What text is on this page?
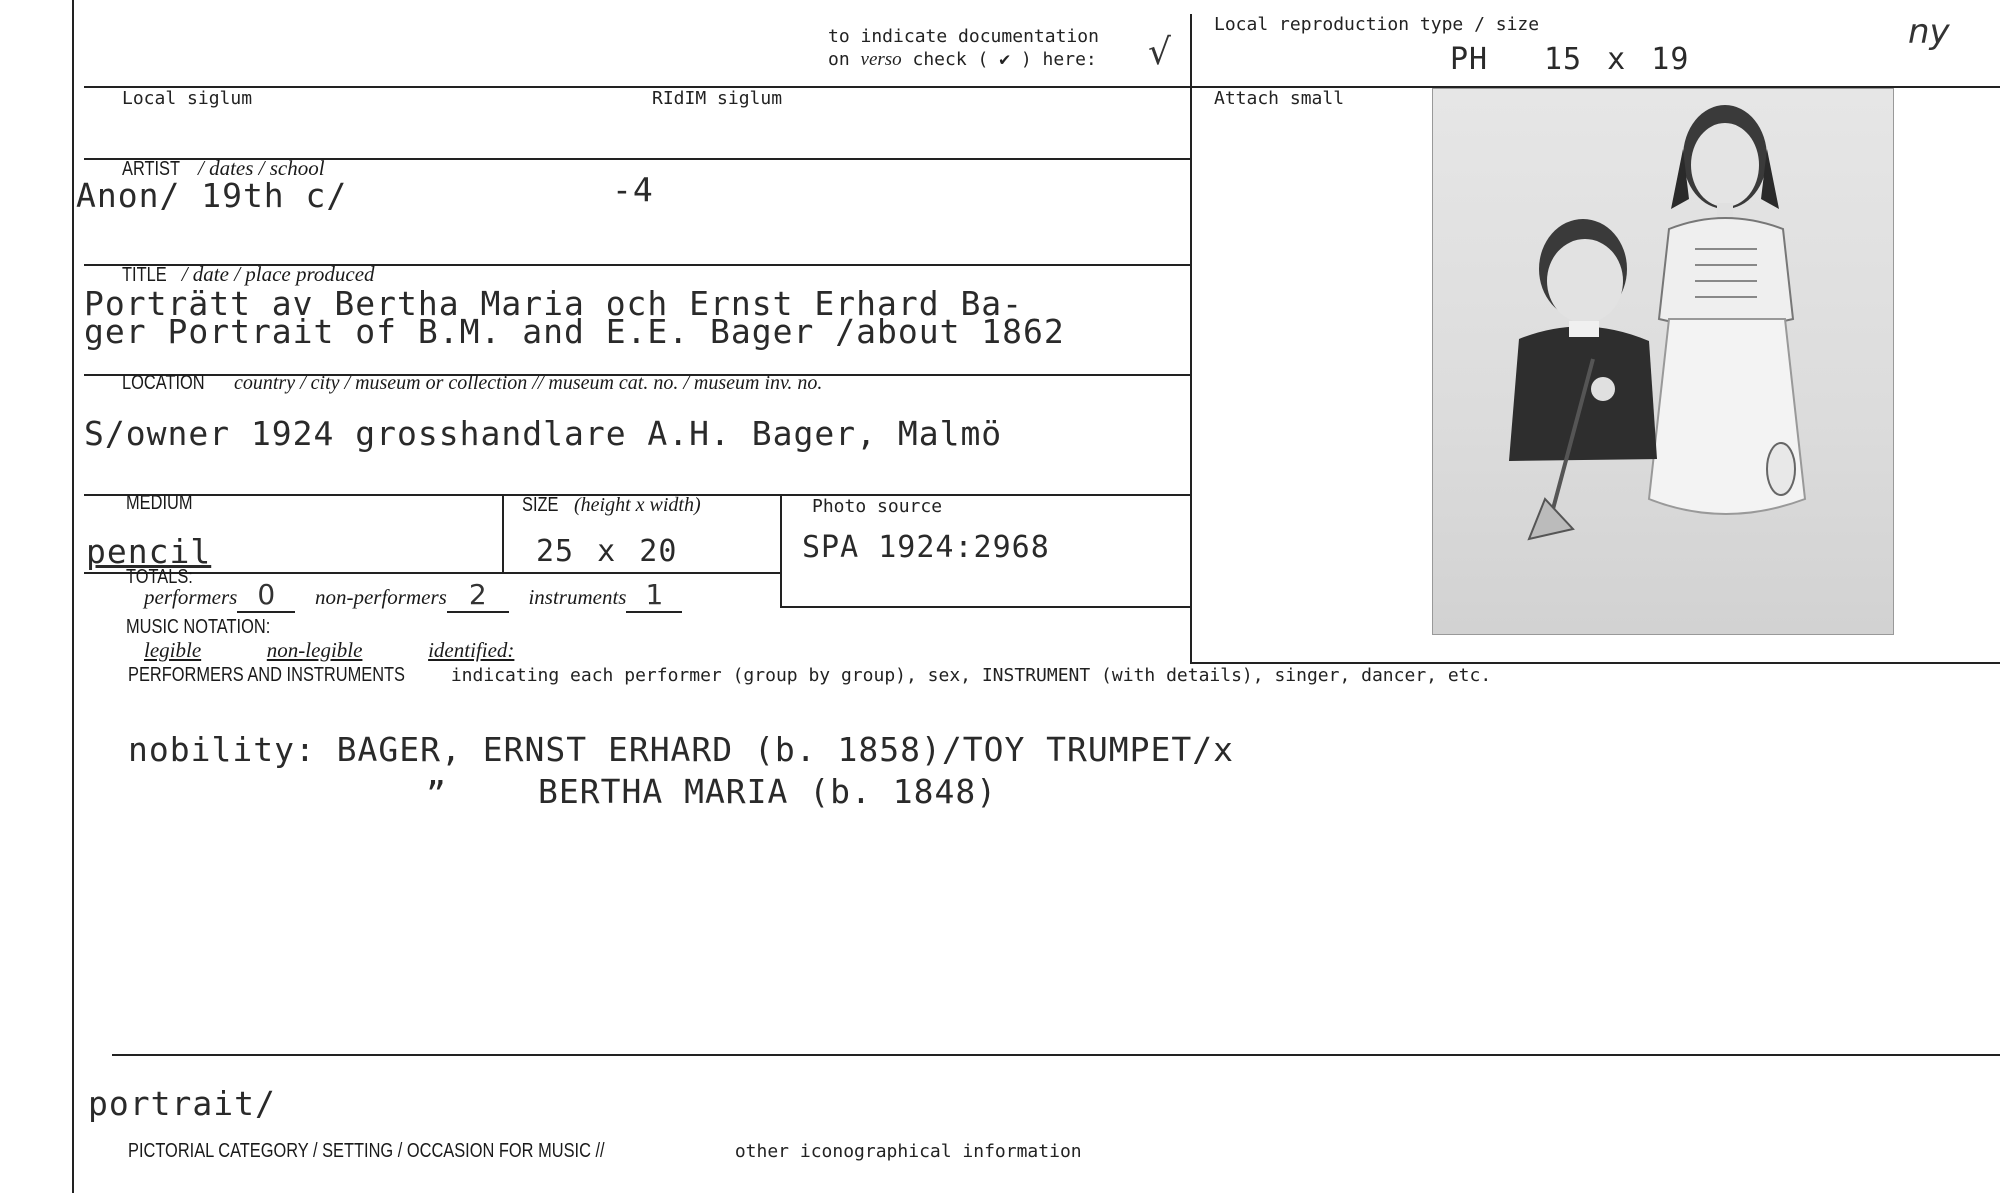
to indicate documentation
on verso check ( ✔ ) here: √
Local reproduction type / size
PH 15 x 19
ny
Local siglum	RIdIM siglum	Attach small
ARTIST / dates / school
Anon/ 19th c/	-4
TITLE / date / place produced
Porträtt av Bertha Maria och Ernst Erhard Ba-
ger Portrait of B.M. and E.E. Bager /about 1862
LOCATION country / city / museum or collection // museum cat. no. / museum inv. no.
S/owner 1924 grosshandlare A.H. Bager, Malmö
MEDIUM
pencil
SIZE (height x width)
25 x 20
Photo source
SPA 1924:2968
TOTALS:
performers 0 non-performers 2 instruments 1
MUSIC NOTATION:
legible	non-legible	identified:
PERFORMERS AND INSTRUMENTS indicating each performer (group by group), sex, INSTRUMENT (with details), singer, dancer, etc.
nobility: BAGER, ERNST ERHARD (b. 1858)/TOY TRUMPET/x
”	BERTHA MARIA (b. 1848)
portrait/
PICTORIAL CATEGORY / SETTING / OCCASION FOR MUSIC //	other iconographical information
